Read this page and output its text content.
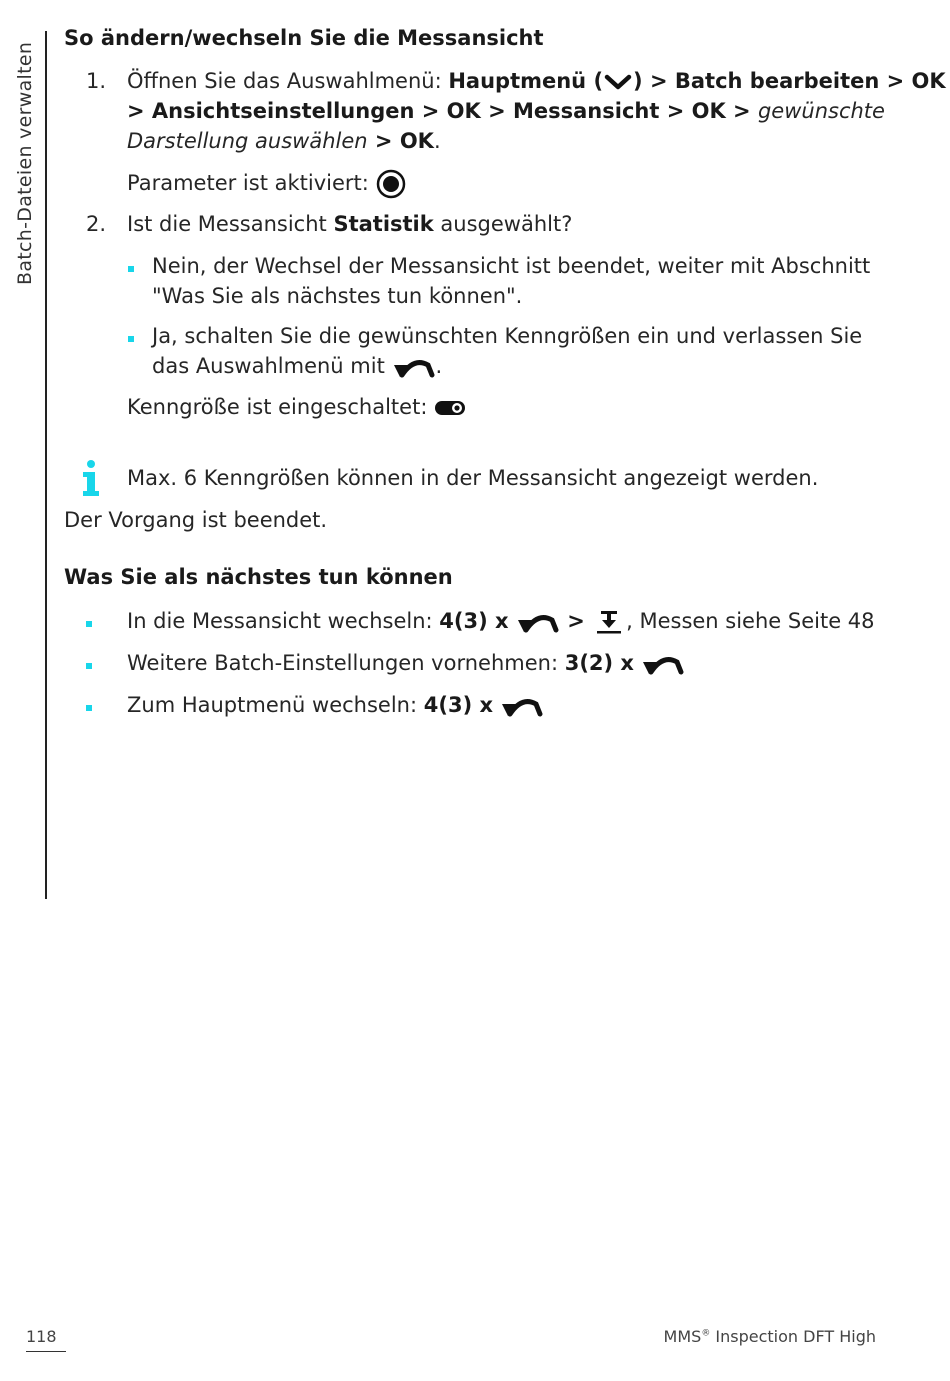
Batch-Dateien verwalten
So ändern/wechseln Sie die Messansicht
1. Öffnen Sie das Auswahlmenü: Hauptmenü ( ) > Batch bearbeiten > OK
> Ansichtseinstellungen > OK > Messansicht > OK > gewünschte
Darstellung auswählen > OK.
Parameter ist aktiviert:
2. Ist die Messansicht Statistik ausgewählt?
Nein, der Wechsel der Messansicht ist beendet, weiter mit Abschnitt
"Was Sie als nächstes tun können".
Ja, schalten Sie die gewünschten Kenngrößen ein und verlassen Sie
das Auswahlmenü mit
.
Kenngröße ist eingeschaltet:
Max. 6 Kenngrößen können in der Messansicht angezeigt werden.
Der Vorgang ist beendet.
Was Sie als nächstes tun können
In die Messansicht wechseln: 4(3) x
>
, Messen siehe Seite 48
Weitere Batch-Einstellungen vornehmen: 3(2) x
Zum Hauptmenü wechseln: 4(3) x
118	MMS® Inspection DFT High
